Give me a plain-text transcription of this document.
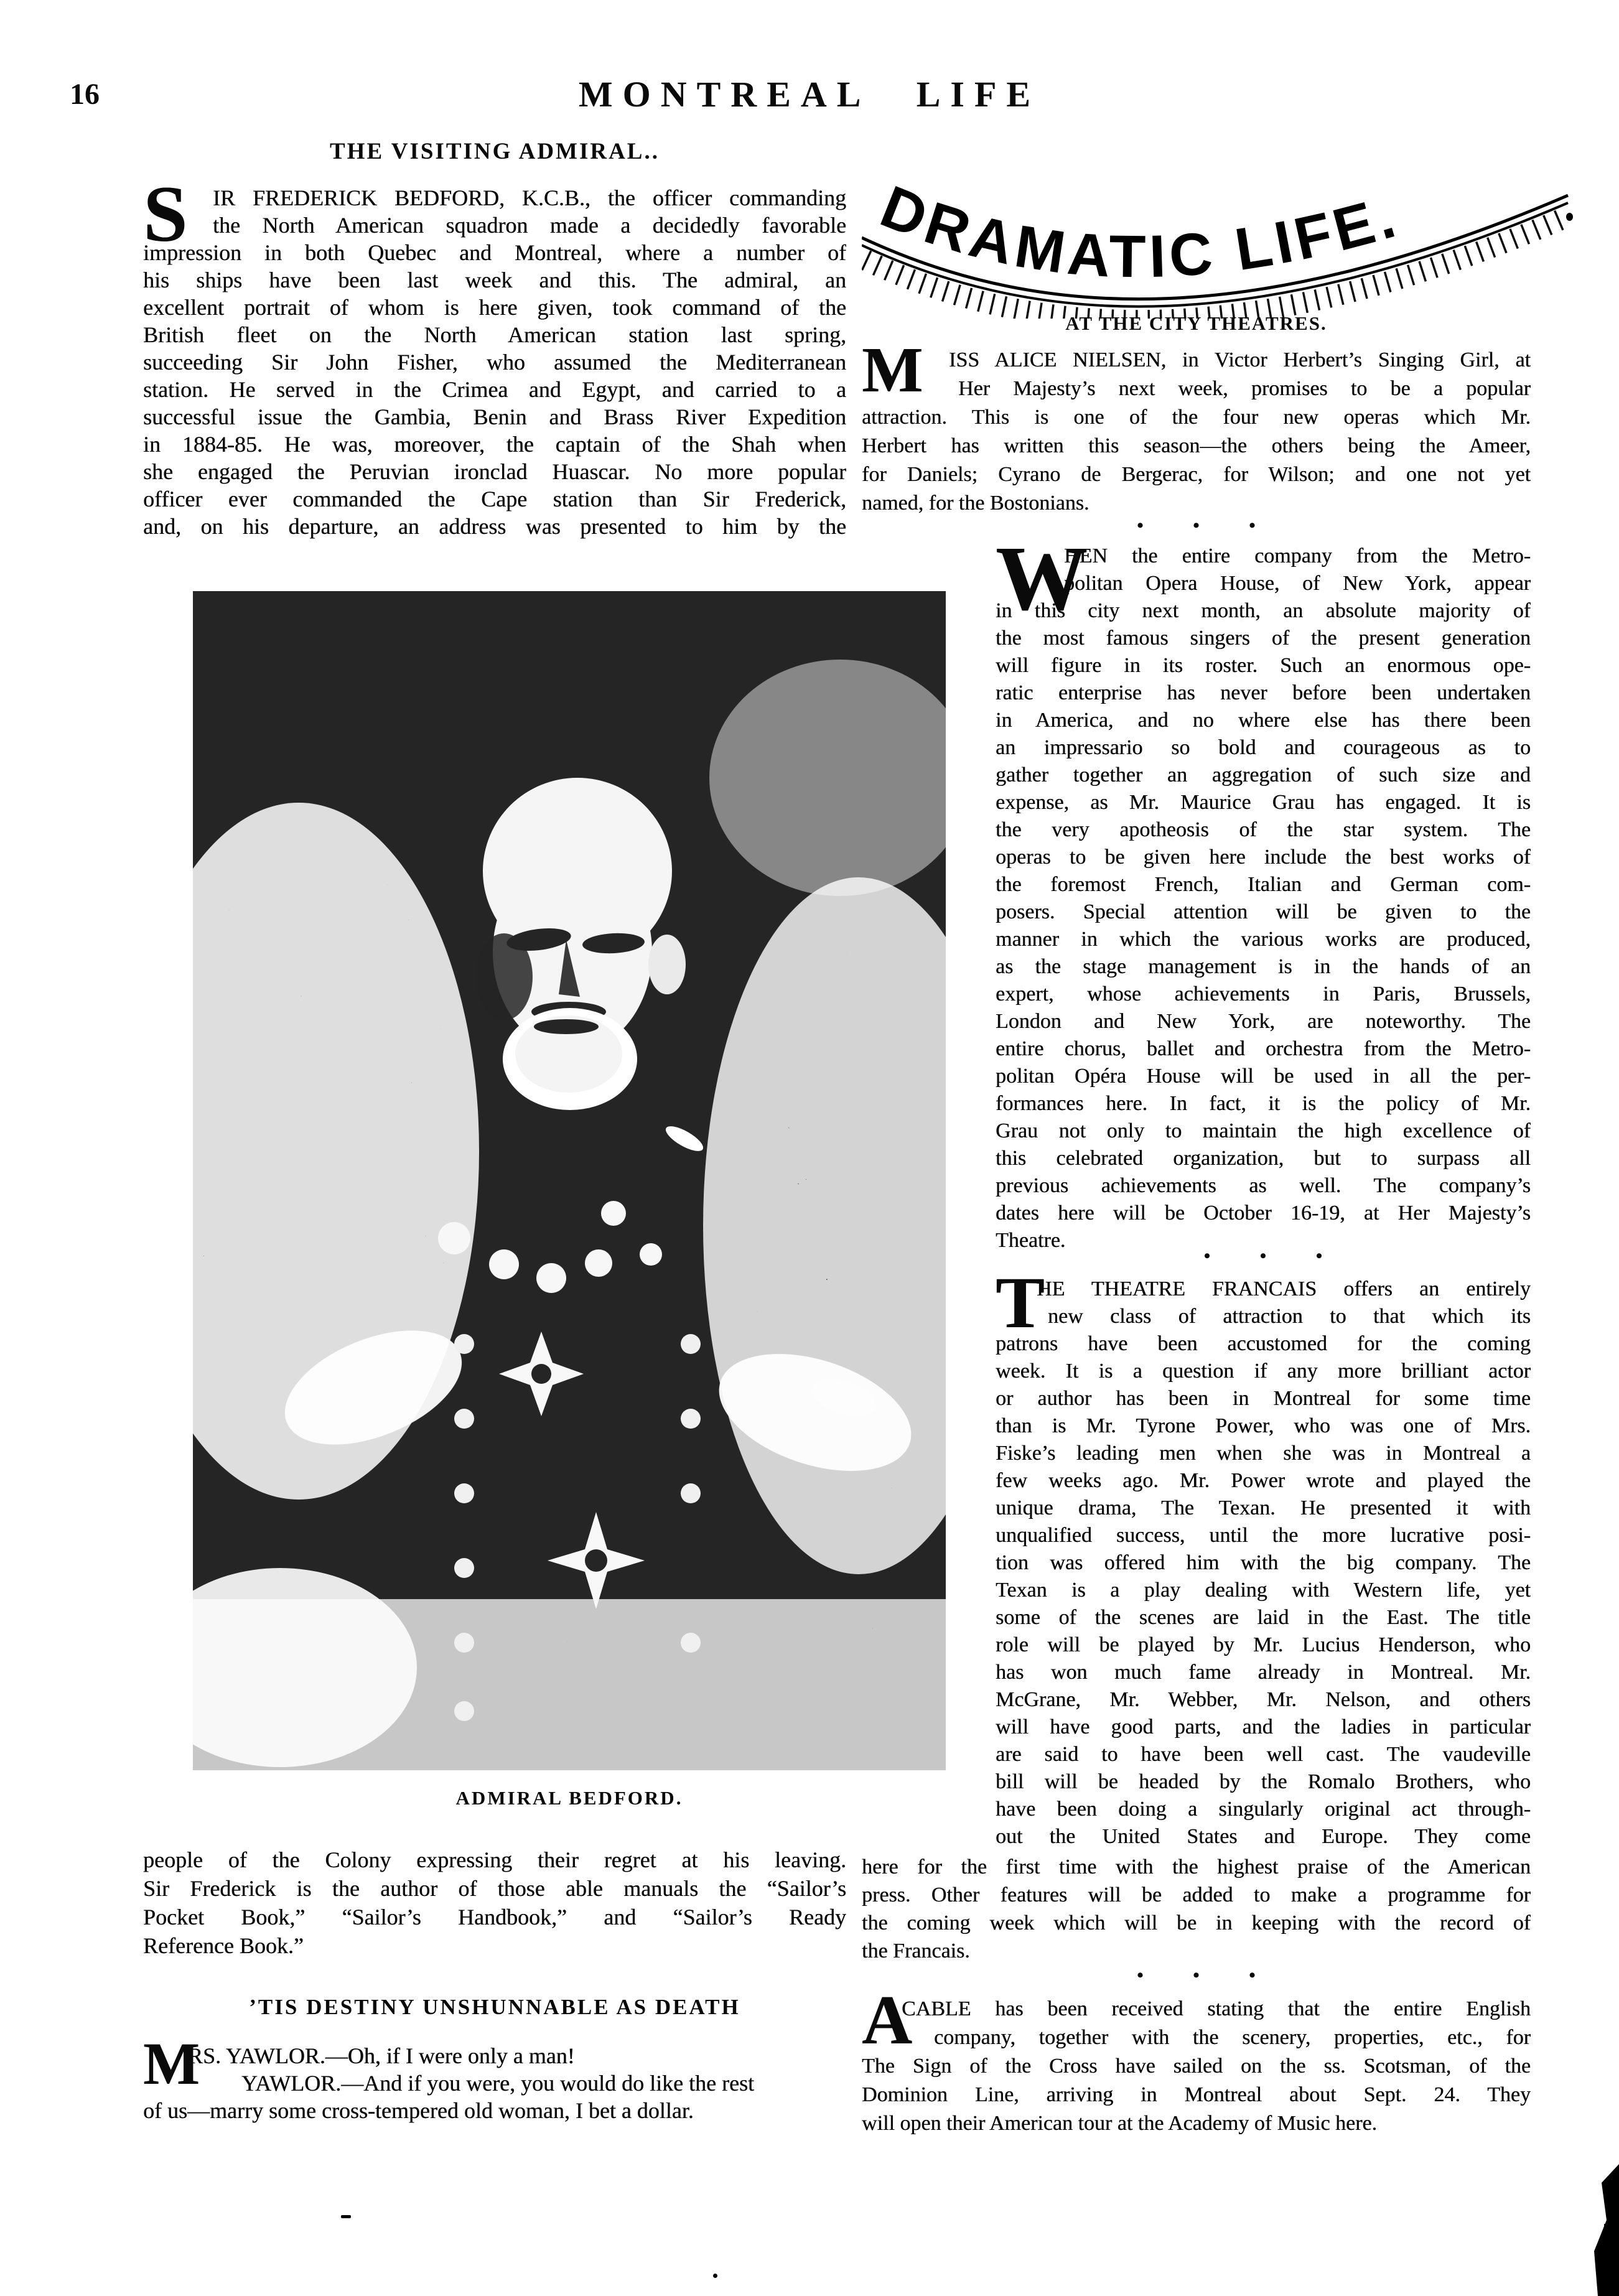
16	MONTREAL LIFE
THE VISITING ADMIRAL..
S	IR FREDERICK BEDFORD, K.C.B., the officer commanding
the North American squadron made a decidedly favorable
impression in both Quebec and Montreal, where a number of
his ships have been last week and this. The admiral, an
excellent portrait of whom is here given, took command of the
British fleet on the North American station last spring,
succeeding Sir John Fisher, who assumed the Mediterranean
station. He served in the Crimea and Egypt, and carried to a
successful issue the Gambia, Benin and Brass River Expedition
in 1884-85. He was, moreover, the captain of the Shah when
she engaged the Peruvian ironclad Huascar. No more popular
officer ever commanded the Cape station than Sir Frederick,
and, on his departure, an address was presented to him by the
ADMIRAL BEDFORD.
people of the Colony expressing their regret at his leaving.
Sir Frederick is the author of those able manuals the “Sailor’s
Pocket Book,” “Sailor’s Handbook,” and “Sailor’s Ready
Reference Book.”
’TIS DESTINY UNSHUNNABLE AS DEATH
M
RS. YAWLOR.—Oh, if I were only a man!
YAWLOR.—And if you were, you would do like the rest
of us—marry some cross-tempered old woman, I bet a dollar.
DRAMATIC LIFE.
AT THE CITY THEATRES.
M	ISS ALICE NIELSEN, in Victor Herbert’s Singing Girl, at
Her Majesty’s next week, promises to be a popular
attraction. This is one of the four new operas which Mr.
Herbert has written this season—the others being the Ameer,
for Daniels; Cyrano de Bergerac, for Wilson; and one not yet
named, for the Bostonians.
• • •
W
HEN the entire company from the Metro-
politan Opera House, of New York, appear
in this city next month, an absolute majority of
the most famous singers of the present generation
will figure in its roster. Such an enormous ope-
ratic enterprise has never before been undertaken
in America, and no where else has there been
an impressario so bold and courageous as to
gather together an aggregation of such size and
expense, as Mr. Maurice Grau has engaged. It is
the very apotheosis of the star system. The
operas to be given here include the best works of
the foremost French, Italian and German com-
posers. Special attention will be given to the
manner in which the various works are produced,
as the stage management is in the hands of an
expert, whose achievements in Paris, Brussels,
London and New York, are noteworthy. The
entire chorus, ballet and orchestra from the Metro-
politan Opéra House will be used in all the per-
formances here. In fact, it is the policy of Mr.
Grau not only to maintain the high excellence of
this celebrated organization, but to surpass all
previous achievements as well. The company’s
dates here will be October 16-19, at Her Majesty’s
Theatre.
• • •
T
HE THEATRE FRANCAIS offers an entirely
new class of attraction to that which its
patrons have been accustomed for the coming
week. It is a question if any more brilliant actor
or author has been in Montreal for some time
than is Mr. Tyrone Power, who was one of Mrs.
Fiske’s leading men when she was in Montreal a
few weeks ago. Mr. Power wrote and played the
unique drama, The Texan. He presented it with
unqualified success, until the more lucrative posi-
tion was offered him with the big company. The
Texan is a play dealing with Western life, yet
some of the scenes are laid in the East. The title
role will be played by Mr. Lucius Henderson, who
has won much fame already in Montreal. Mr.
McGrane, Mr. Webber, Mr. Nelson, and others
will have good parts, and the ladies in particular
are said to have been well cast. The vaudeville
bill will be headed by the Romalo Brothers, who
have been doing a singularly original act through-
out the United States and Europe. They come
here for the first time with the highest praise of the American
press. Other features will be added to make a programme for
the coming week which will be in keeping with the record of
the Francais.
• • •
A
CABLE has been received stating that the entire English
company, together with the scenery, properties, etc., for
The Sign of the Cross have sailed on the ss. Scotsman, of the
Dominion Line, arriving in Montreal about Sept. 24. They
will open their American tour at the Academy of Music here.
